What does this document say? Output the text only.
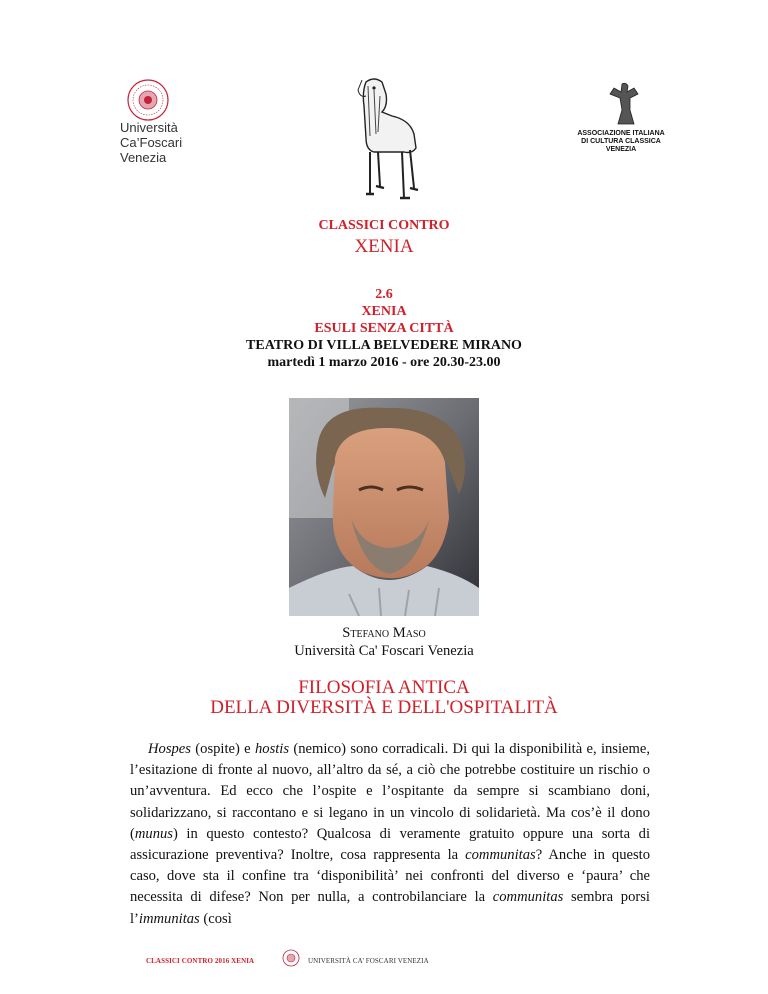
Università
Ca’Foscari
Venezia
ASSOCIAZIONE ITALIANA
DI CULTURA CLASSICA
VENEZIA
CLASSICI CONTRO
XENIA
2.6
XENIA
ESULI SENZA CITTÀ
TEATRO DI VILLA BELVEDERE MIRANO
martedì 1 marzo 2016 - ore 20.30-23.00
Stefano Maso
Università Ca' Foscari Venezia
FILOSOFIA ANTICA
DELLA DIVERSITÀ E DELL'OSPITALITÀ

Hospes (ospite) e hostis (nemico) sono corradicali. Di qui la disponibilità e, insieme, l’esitazione di fronte al nuovo, all’altro da sé, a ciò che potrebbe costituire un rischio o un’avventura. Ed ecco che l’ospite e l’ospitante da sempre si scambiano doni, solidarizzano, si raccontano e si legano in un vincolo di solidarietà. Ma cos’è il dono (munus) in questo contesto? Qualcosa di veramente gratuito oppure una sorta di assicurazione preventiva? Inoltre, cosa rappresenta la communitas? Anche in questo caso, dove sta il confine tra ‘disponibilità’ nei confronti del diverso e ‘paura’ che necessita di difese? Non per nulla, a controbilanciare la communitas sembra porsi l’immunitas (così

CLASSICI CONTRO 2016 XENIA	UNIVERSITÀ CA’ FOSCARI VENEZIA
